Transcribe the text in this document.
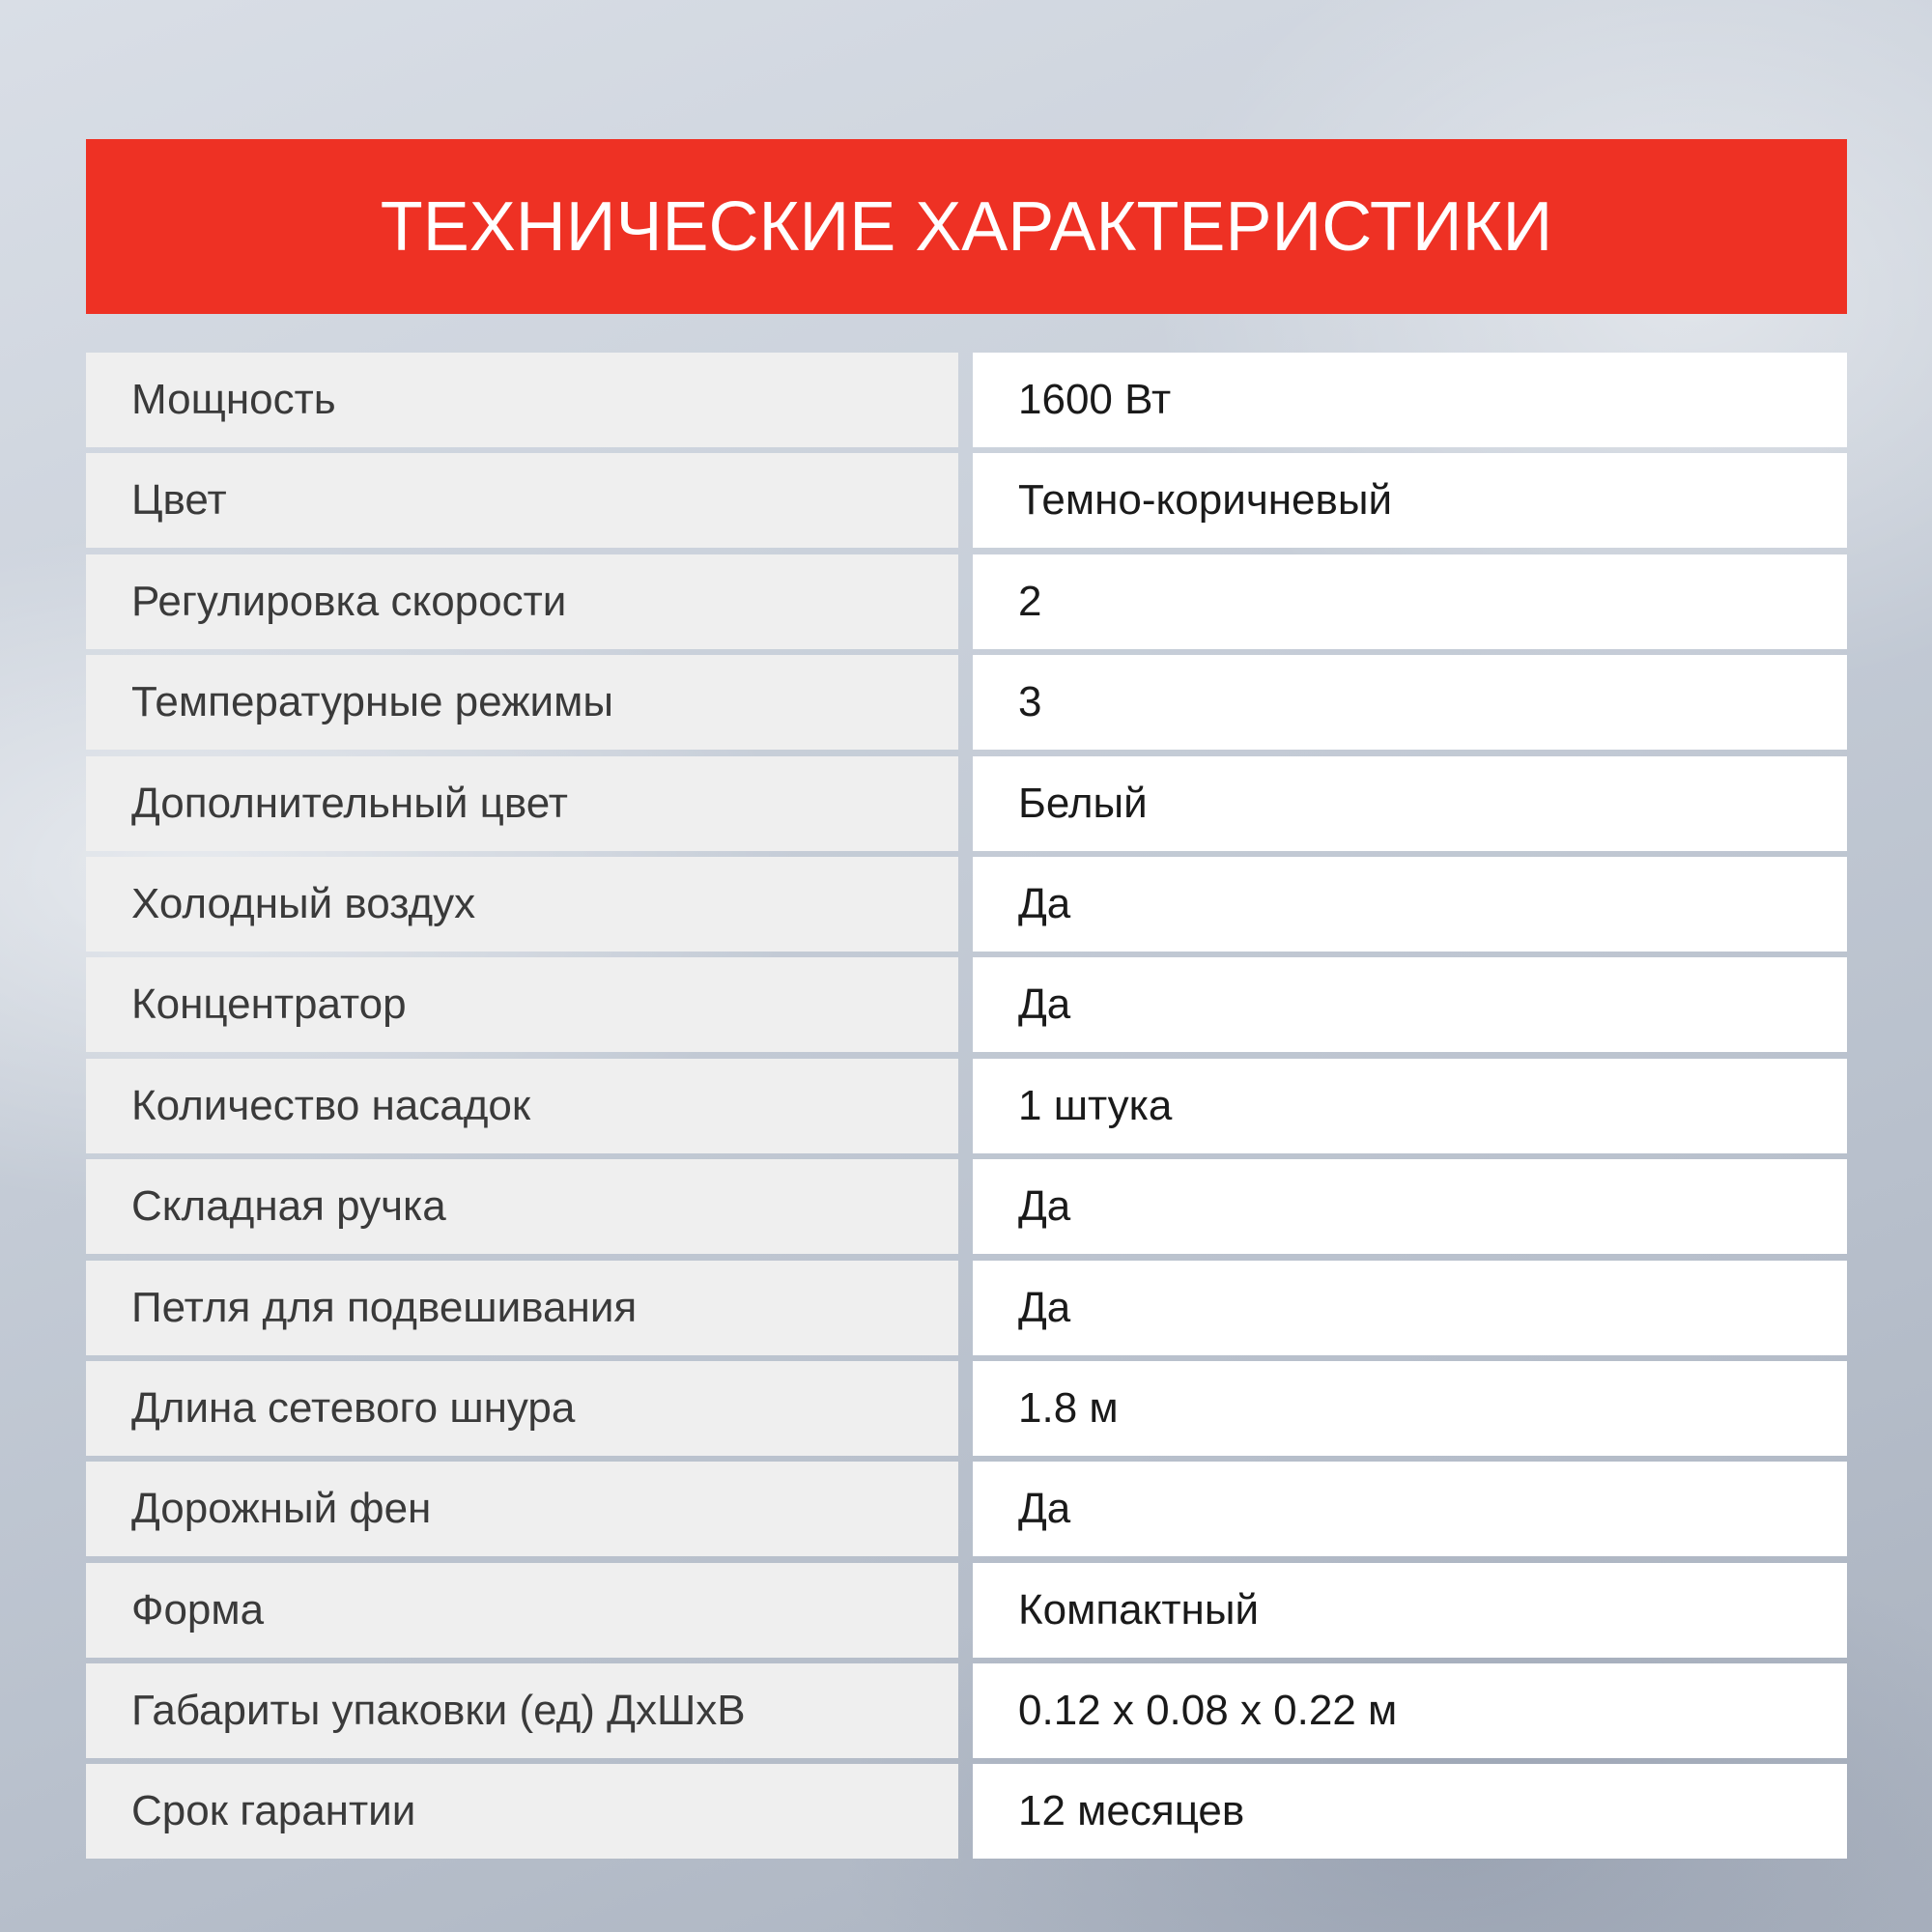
ТЕХНИЧЕСКИЕ ХАРАКТЕРИСТИКИ
Мощность	1600 Вт
Цвет	Темно-коричневый
Регулировка скорости	2
Температурные режимы	3
Дополнительный цвет	Белый
Холодный воздух	Да
Концентратор	Да
Количество насадок	1 штука
Складная ручка	Да
Петля для подвешивания	Да
Длина сетевого шнура	1.8 м
Дорожный фен	Да
Форма	Компактный
Габариты упаковки (ед) ДхШхВ	0.12 x 0.08 x 0.22 м
Срок гарантии	12 месяцев
